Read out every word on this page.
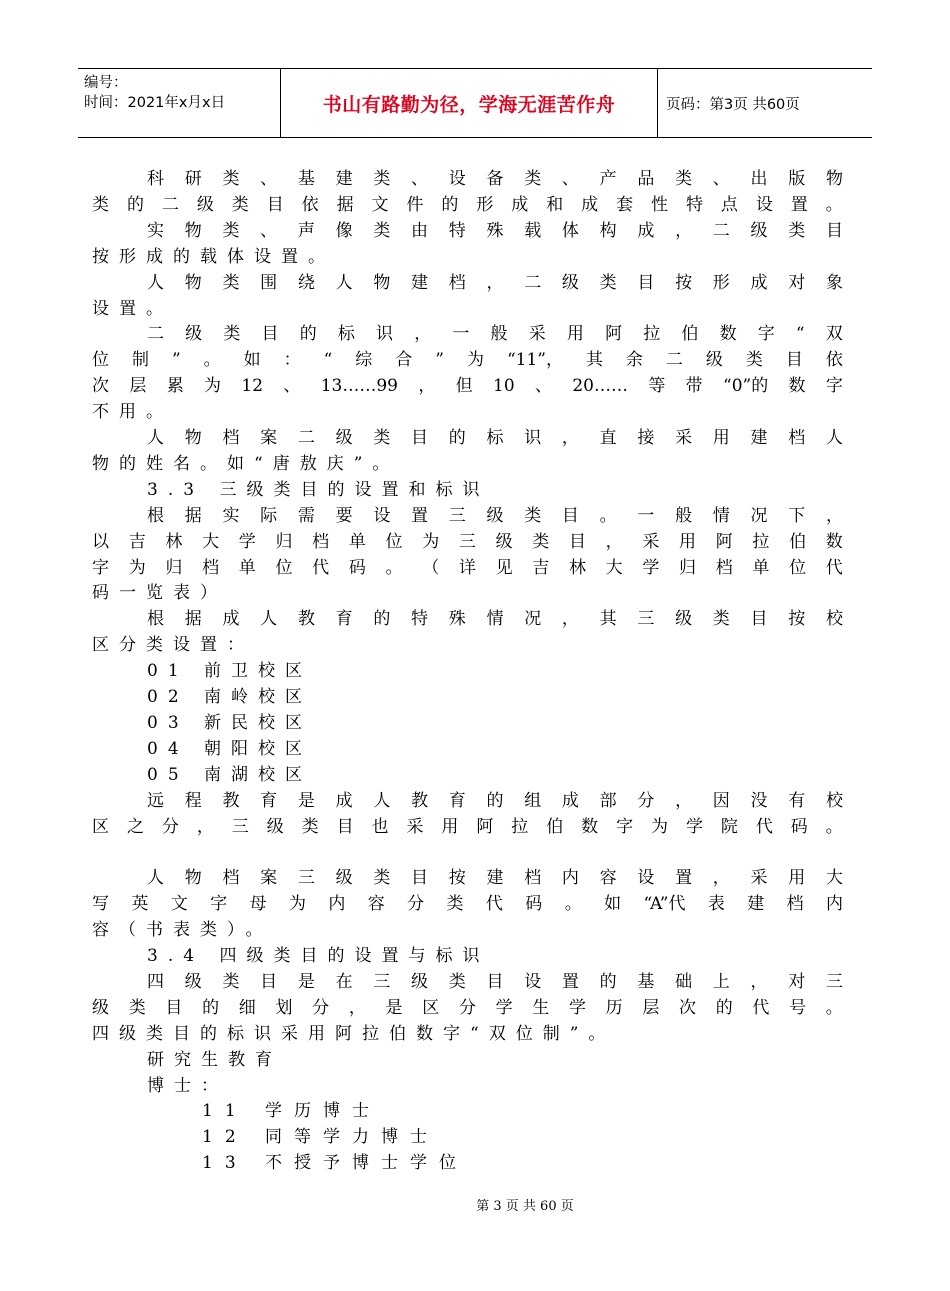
编号：
时间：2021年x月x日	书山有路勤为径，学海无涯苦作舟	页码：第3页 共60页
科 研 类 、 基 建 类 、 设 备 类 、 产 品 类 、 出 版 物
类 的 二 级 类 目 依 据 文 件 的 形 成 和 成 套 性 特 点 设 置 。
实 物 类 、 声 像 类 由 特 殊 载 体 构 成 ， 二 级 类 目
按形成的载体设置。
人 物 类 围 绕 人 物 建 档 ， 二 级 类 目 按 形 成 对 象
设置。
二 级 类 目 的 标 识 ， 一 般 采 用 阿 拉 伯 数 字 “ 双
位 制 ” 。 如 ： “ 综 合 ” 为 “11”， 其 余 二 级 类 目 依
次 层 累 为 12 、 13……99 ， 但 10 、 20…… 等 带 “0”的 数 字
不用。
人 物 档 案 二 级 类 目 的 标 识 ， 直 接 采 用 建 档 人
物的姓名。如“唐敖庆”。
3.3 三级类目的设置和标识
根 据 实 际 需 要 设 置 三 级 类 目 。 一 般 情 况 下 ，
以 吉 林 大 学 归 档 单 位 为 三 级 类 目 ， 采 用 阿 拉 伯 数
字 为 归 档 单 位 代 码 。 （ 详 见 吉 林 大 学 归 档 单 位 代
码一览表）
根 据 成 人 教 育 的 特 殊 情 况 ， 其 三 级 类 目 按 校
区分类设置：
01 前卫校区
02 南岭校区
03 新民校区
04 朝阳校区
05 南湖校区
远 程 教 育 是 成 人 教 育 的 组 成 部 分 ， 因 没 有 校
区 之 分 ， 三 级 类 目 也 采 用 阿 拉 伯 数 字 为 学 院 代 码 。
人 物 档 案 三 级 类 目 按 建 档 内 容 设 置 ， 采 用 大
写 英 文 字 母 为 内 容 分 类 代 码 。 如 “A”代 表 建 档 内
容（书表类）。
3.4 四级类目的设置与标识
四 级 类 目 是 在 三 级 类 目 设 置 的 基 础 上 ， 对 三
级 类 目 的 细 划 分 ， 是 区 分 学 生 学 历 层 次 的 代 号 。
四级类目的标识采用阿拉伯数字“双位制”。
研究生教育
博士：
11 学历博士
12 同等学力博士
13 不授予博士学位
第 3 页 共 60 页
